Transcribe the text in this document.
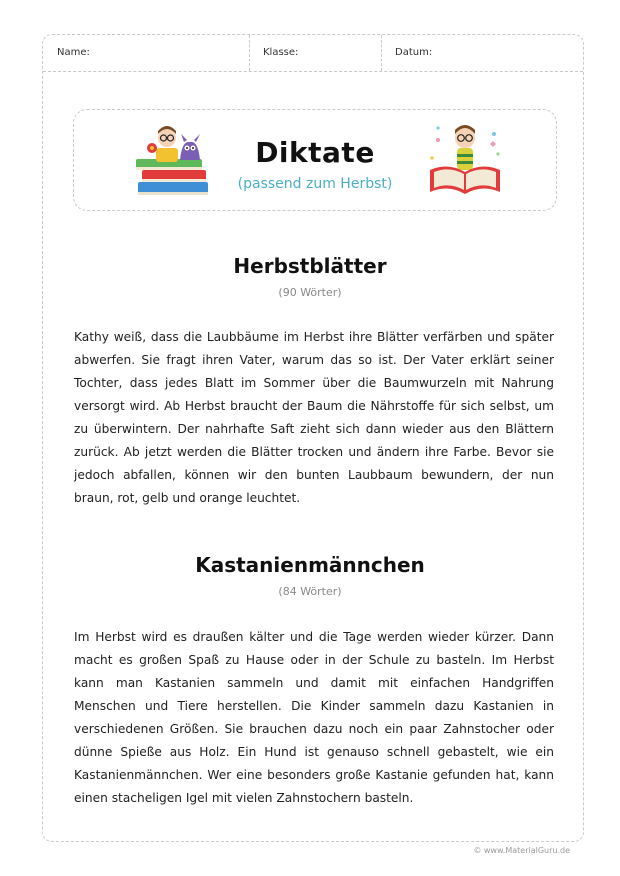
Name:	Klasse:	Datum:
Diktate
(passend zum Herbst)
Herbstblätter
(90 Wörter)

Kathy weiß, dass die Laubbäume im Herbst ihre Blätter verfärben und später abwerfen. Sie fragt ihren Vater, warum das so ist. Der Vater erklärt seiner Tochter, dass jedes Blatt im Sommer über die Baumwurzeln mit Nahrung versorgt wird. Ab Herbst braucht der Baum die Nährstoffe für sich selbst, um zu überwintern. Der nahrhafte Saft zieht sich dann wieder aus den Blättern zurück. Ab jetzt werden die Blätter trocken und ändern ihre Farbe. Bevor sie jedoch abfallen, können wir den bunten Laubbaum bewundern, der nun braun, rot, gelb und orange leuchtet.

Kastanienmännchen
(84 Wörter)

Im Herbst wird es draußen kälter und die Tage werden wieder kürzer. Dann macht es großen Spaß zu Hause oder in der Schule zu basteln. Im Herbst kann man Kastanien sammeln und damit mit einfachen Handgriffen Menschen und Tiere herstellen. Die Kinder sammeln dazu Kastanien in verschiedenen Größen. Sie brauchen dazu noch ein paar Zahnstocher oder dünne Spieße aus Holz. Ein Hund ist genauso schnell gebastelt, wie ein Kastanienmännchen. Wer eine besonders große Kastanie gefunden hat, kann einen stacheligen Igel mit vielen Zahnstochern basteln.

© www.MaterialGuru.de
